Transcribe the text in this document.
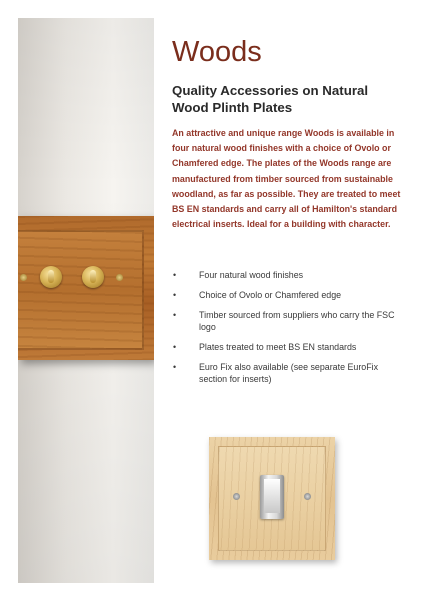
Woods
Quality Accessories on Natural Wood Plinth Plates

An attractive and unique range Woods is available in four natural wood finishes with a choice of Ovolo or Chamfered edge. The plates of the Woods range are manufactured from timber sourced from sustainable woodland, as far as possible. They are treated to meet BS EN standards and carry all of Hamilton's standard electrical inserts. Ideal for a building with character.

•	Four natural wood finishes
•	Choice of Ovolo or Chamfered edge
•	Timber sourced from suppliers who carry the FSC logo
•	Plates treated to meet BS EN standards
•	Euro Fix also available (see separate EuroFix section for inserts)
